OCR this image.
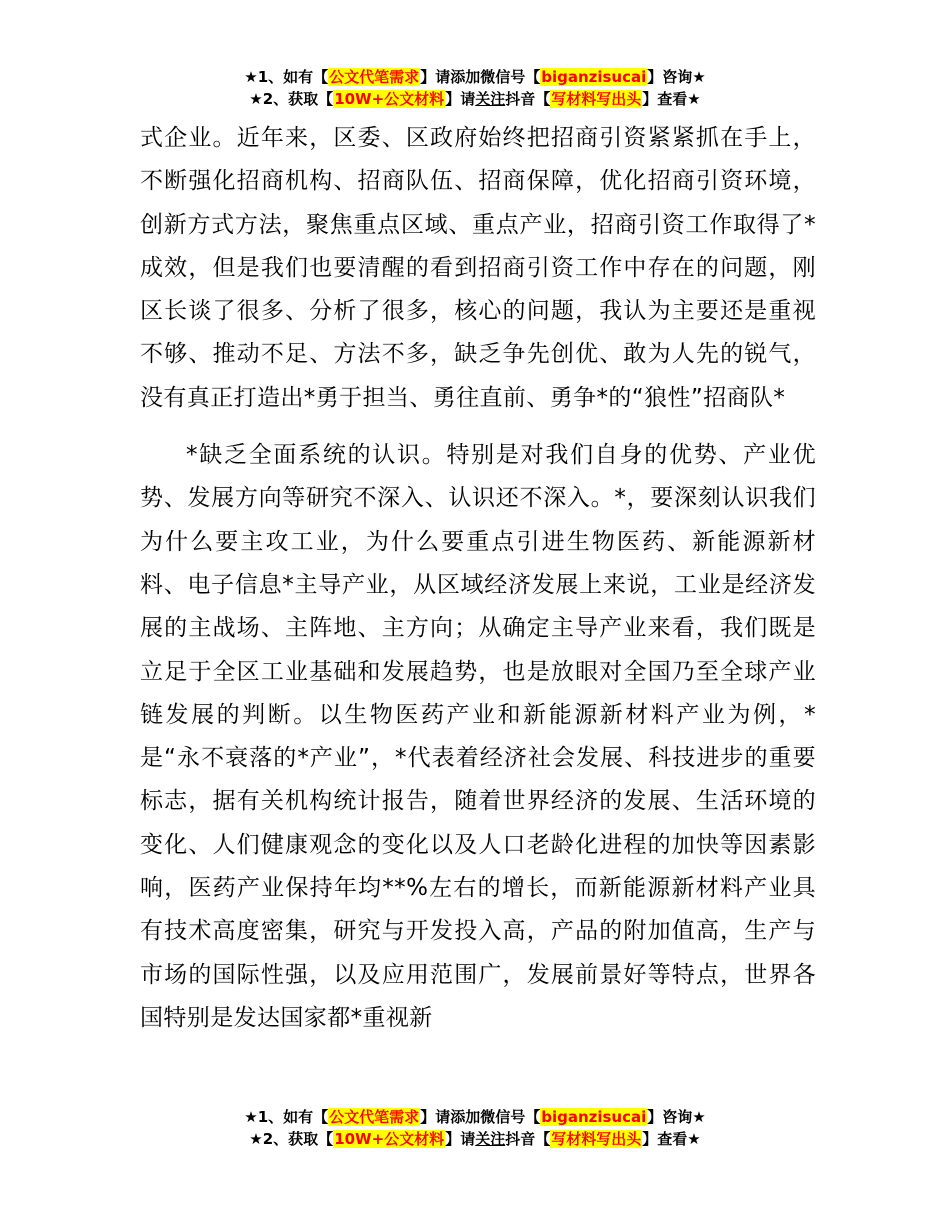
★1、如有【公文代笔需求】请添加微信号【biganzisucai】咨询★
★2、获取【10W+公文材料】请关注抖音【写材料写出头】查看★

式企业。近年来，区委、区政府始终把招商引资紧紧抓在手上，不断强化招商机构、招商队伍、招商保障，优化招商引资环境，创新方式方法，聚焦重点区域、重点产业，招商引资工作取得了*成效，但是我们也要清醒的看到招商引资工作中存在的问题，刚区长谈了很多、分析了很多，核心的问题，我认为主要还是重视不够、推动不足、方法不多，缺乏争先创优、敢为人先的锐气，没有真正打造出*勇于担当、勇往直前、勇争*的“狼性”招商队*

*缺乏全面系统的认识。特别是对我们自身的优势、产业优势、发展方向等研究不深入、认识还不深入。*，要深刻认识我们为什么要主攻工业，为什么要重点引进生物医药、新能源新材料、电子信息*主导产业，从区域经济发展上来说，工业是经济发展的主战场、主阵地、主方向；从确定主导产业来看，我们既是立足于全区工业基础和发展趋势，也是放眼对全国乃至全球产业链发展的判断。以生物医药产业和新能源新材料产业为例，*是“永不衰落的*产业”，*代表着经济社会发展、科技进步的重要标志，据有关机构统计报告，随着世界经济的发展、生活环境的变化、人们健康观念的变化以及人口老龄化进程的加快等因素影响，医药产业保持年均**%左右的增长，而新能源新材料产业具有技术高度密集，研究与开发投入高，产品的附加值高，生产与市场的国际性强，以及应用范围广，发展前景好等特点，世界各国特别是发达国家都*重视新

★1、如有【公文代笔需求】请添加微信号【biganzisucai】咨询★
★2、获取【10W+公文材料】请关注抖音【写材料写出头】查看★
